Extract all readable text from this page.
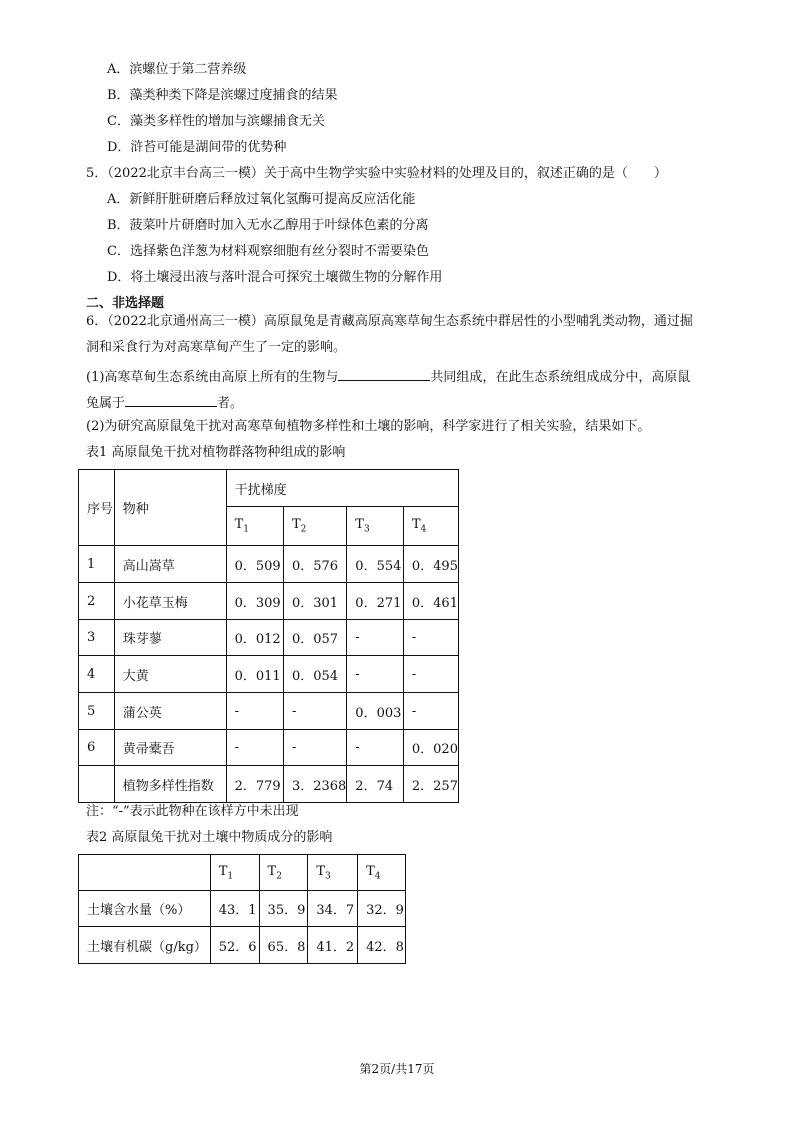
A．滨螺位于第二营养级
B．藻类种类下降是滨螺过度捕食的结果
C．藻类多样性的增加与滨螺捕食无关
D．浒苔可能是湖间带的优势种
5．（2022北京丰台高三一模）关于高中生物学实验中实验材料的处理及目的，叙述正确的是（　　）
A．新鲜肝脏研磨后释放过氧化氢酶可提高反应活化能
B．菠菜叶片研磨时加入无水乙醇用于叶绿体色素的分离
C．选择紫色洋葱为材料观察细胞有丝分裂时不需要染色
D．将土壤浸出液与落叶混合可探究土壤微生物的分解作用
二、非选择题
6．（2022北京通州高三一模）高原鼠兔是青藏高原高寒草甸生态系统中群居性的小型哺乳类动物，通过掘
洞和采食行为对高寒草甸产生了一定的影响。
(1)高寒草甸生态系统由高原上所有的生物与	共同组成，在此生态系统组成成分中，高原鼠
兔属于	者。
(2)为研究高原鼠兔干扰对高寒草甸植物多样性和土壤的影响，科学家进行了相关实验，结果如下。
表1 高原鼠兔干扰对植物群落物种组成的影响
序号	物种	干扰梯度			
		$T_1$	$T_2$	$T_3$	$T_4$
1	高山嵩草	0．509	0．576	0．554	0．495
2	小花草玉梅	0．309	0．301	0．271	0．461
3	珠芽蓼	0．012	0．057	-	-
4	大黄	0．011	0．054	-	-
5	蒲公英	-	-	0．003	-
6	黄帚橐吾	-	-	-	0．020
	植物多样性指数	2．779	3．2368	2．74	2．257
注：“-”表示此物种在该样方中未出现
表2 高原鼠兔干扰对土壤中物质成分的影响
	$T_1$	$T_2$	$T_3$	$T_4$
土壤含水量（%）	43．1	35．9	34．7	32．9
土壤有机碳（g/kg）	52．6	65．8	41．2	42．8
第2页/共17页
